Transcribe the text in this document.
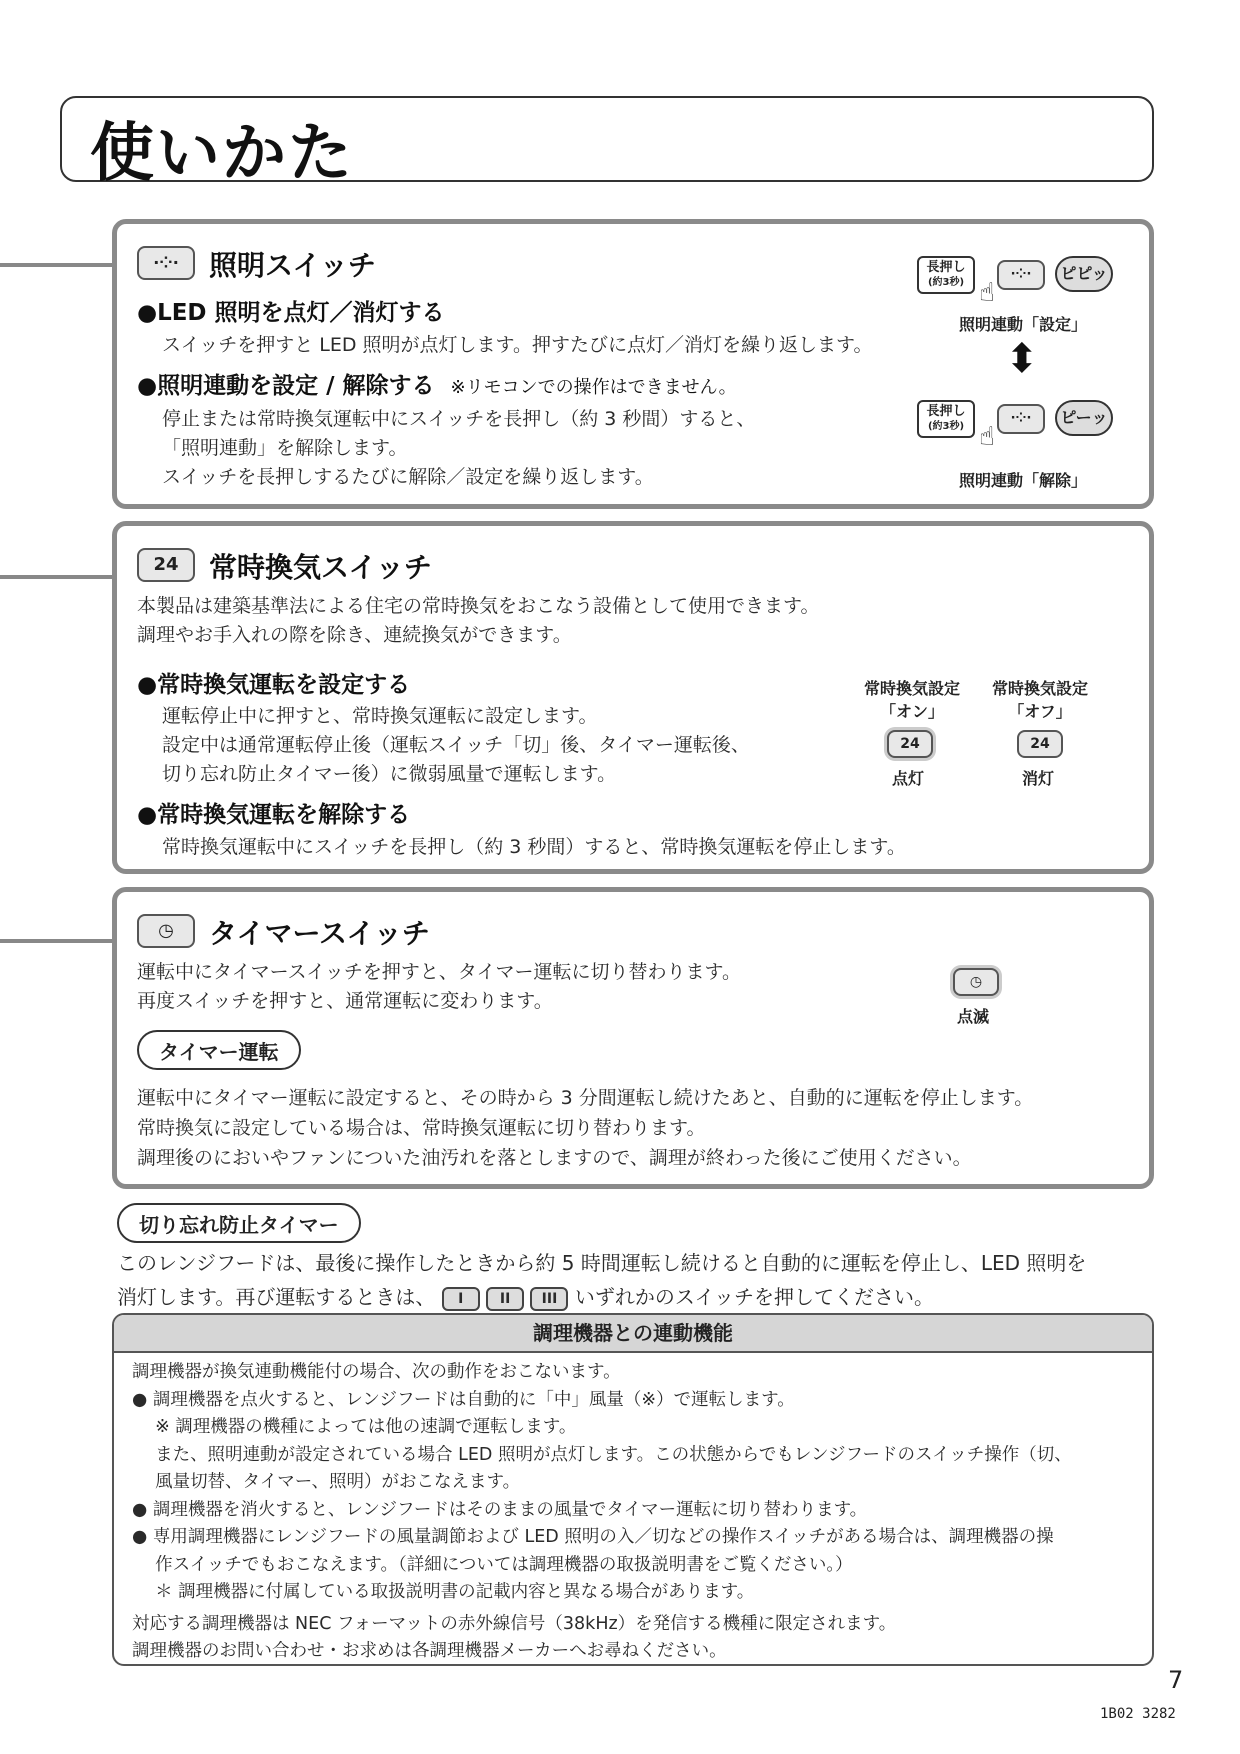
使いかた
·⁘·	照明スイッチ
●LED 照明を点灯／消灯する
スイッチを押すと LED 照明が点灯します。押すたびに点灯／消灯を繰り返します。
●照明連動を設定 / 解除する ※リモコンでの操作はできません。
停止または常時換気運転中にスイッチを長押し（約 3 秒間）すると、
「照明連動」を解除します。
スイッチを長押しするたびに解除／設定を繰り返します。
長押し
(約3秒)
·⁘·
☝
ピピッ
照明連動「設定」
⬍
長押し
(約3秒)
·⁘·
☝
ピーッ
照明連動「解除」
24	常時換気スイッチ
本製品は建築基準法による住宅の常時換気をおこなう設備として使用できます。
調理やお手入れの際を除き、連続換気ができます。
●常時換気運転を設定する
運転停止中に押すと、常時換気運転に設定します。
設定中は通常運転停止後（運転スイッチ「切」後、タイマー運転後、
切り忘れ防止タイマー後）に微弱風量で運転します。
●常時換気運転を解除する
常時換気運転中にスイッチを長押し（約 3 秒間）すると、常時換気運転を停止します。
常時換気設定
「オン」
24
点灯
常時換気設定
「オフ」
24
消灯
◷	タイマースイッチ
運転中にタイマースイッチを押すと、タイマー運転に切り替わります。
再度スイッチを押すと、通常運転に変わります。
◷
点滅
タイマー運転
運転中にタイマー運転に設定すると、その時から 3 分間運転し続けたあと、自動的に運転を停止します。
常時換気に設定している場合は、常時換気運転に切り替わります。
調理後のにおいやファンについた油汚れを落としますので、調理が終わった後にご使用ください。
切り忘れ防止タイマー
このレンジフードは、最後に操作したときから約 5 時間運転し続けると自動的に運転を停止し、LED 照明を
消灯します。再び運転するときは、 I	II III いずれかのスイッチを押してください。
調理機器との連動機能
調理機器が換気連動機能付の場合、次の動作をおこないます。
● 調理機器を点火すると、レンジフードは自動的に「中」風量（※）で運転します。
　 ※ 調理機器の機種によっては他の速調で運転します。
　 また、照明連動が設定されている場合 LED 照明が点灯します。この状態からでもレンジフードのスイッチ操作（切、
　 風量切替、タイマー、照明）がおこなえます。
● 調理機器を消火すると、レンジフードはそのままの風量でタイマー運転に切り替わります。
● 専用調理機器にレンジフードの風量調節および LED 照明の入／切などの操作スイッチがある場合は、調理機器の操
　 作スイッチでもおこなえます。（詳細については調理機器の取扱説明書をご覧ください。）
　 ＊ 調理機器に付属している取扱説明書の記載内容と異なる場合があります。
対応する調理機器は NEC フォーマットの赤外線信号（38kHz）を発信する機種に限定されます。
調理機器のお問い合わせ・お求めは各調理機器メーカーへお尋ねください。
7
1B02 3282
